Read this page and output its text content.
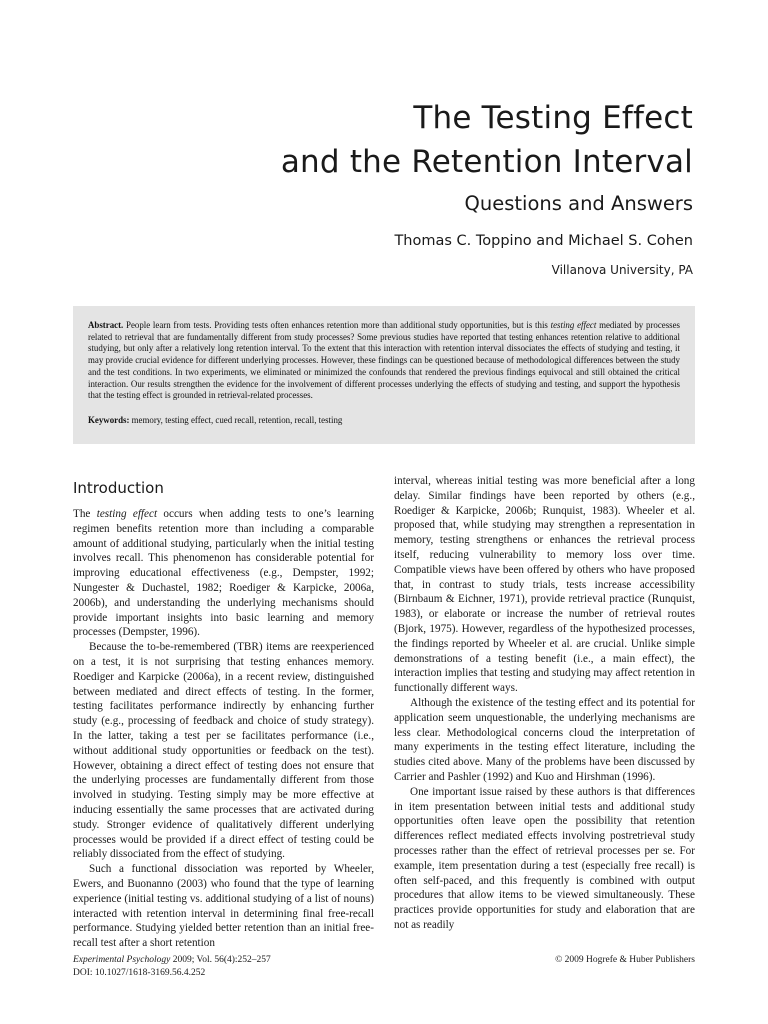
The Testing Effect
and the Retention Interval
Questions and Answers
Thomas C. Toppino and Michael S. Cohen
Villanova University, PA
Abstract. People learn from tests. Providing tests often enhances retention more than additional study opportunities, but is this testing effect mediated by processes related to retrieval that are fundamentally different from study processes? Some previous studies have reported that testing enhances retention relative to additional studying, but only after a relatively long retention interval. To the extent that this interaction with retention interval dissociates the effects of studying and testing, it may provide crucial evidence for different underlying processes. However, these findings can be questioned because of methodological differences between the study and the test conditions. In two experiments, we eliminated or minimized the confounds that rendered the previous findings equivocal and still obtained the critical interaction. Our results strengthen the evidence for the involvement of different processes underlying the effects of studying and testing, and support the hypothesis that the testing effect is grounded in retrieval-related processes.
Keywords: memory, testing effect, cued recall, retention, recall, testing
Introduction

The testing effect occurs when adding tests to one’s learning regimen benefits retention more than including a comparable amount of additional studying, particularly when the initial testing involves recall. This phenomenon has considerable potential for improving educational effectiveness (e.g., Dempster, 1992; Nungester & Duchastel, 1982; Roediger & Karpicke, 2006a, 2006b), and understanding the underlying mechanisms should provide important insights into basic learning and memory processes (Dempster, 1996).

Because the to-be-remembered (TBR) items are reexperienced on a test, it is not surprising that testing enhances memory. Roediger and Karpicke (2006a), in a recent review, distinguished between mediated and direct effects of testing. In the former, testing facilitates performance indirectly by enhancing further study (e.g., processing of feedback and choice of study strategy). In the latter, taking a test per se facilitates performance (i.e., without additional study opportunities or feedback on the test). However, obtaining a direct effect of testing does not ensure that the underlying processes are fundamentally different from those involved in studying. Testing simply may be more effective at inducing essentially the same processes that are activated during study. Stronger evidence of qualitatively different underlying processes would be provided if a direct effect of testing could be reliably dissociated from the effect of studying.

Such a functional dissociation was reported by Wheeler, Ewers, and Buonanno (2003) who found that the type of learning experience (initial testing vs. additional studying of a list of nouns) interacted with retention interval in determining final free-recall performance. Studying yielded better retention than an initial free-recall test after a short retention

interval, whereas initial testing was more beneficial after a long delay. Similar findings have been reported by others (e.g., Roediger & Karpicke, 2006b; Runquist, 1983). Wheeler et al. proposed that, while studying may strengthen a representation in memory, testing strengthens or enhances the retrieval process itself, reducing vulnerability to memory loss over time. Compatible views have been offered by others who have proposed that, in contrast to study trials, tests increase accessibility (Birnbaum & Eichner, 1971), provide retrieval practice (Runquist, 1983), or elaborate or increase the number of retrieval routes (Bjork, 1975). However, regardless of the hypothesized processes, the findings reported by Wheeler et al. are crucial. Unlike simple demonstrations of a testing benefit (i.e., a main effect), the interaction implies that testing and studying may affect retention in functionally different ways.

Although the existence of the testing effect and its potential for application seem unquestionable, the underlying mechanisms are less clear. Methodological concerns cloud the interpretation of many experiments in the testing effect literature, including the studies cited above. Many of the problems have been discussed by Carrier and Pashler (1992) and Kuo and Hirshman (1996).

One important issue raised by these authors is that differences in item presentation between initial tests and additional study opportunities often leave open the possibility that retention differences reflect mediated effects involving postretrieval study processes rather than the effect of retrieval processes per se. For example, item presentation during a test (especially free recall) is often self-paced, and this frequently is combined with output procedures that allow items to be viewed simultaneously. These practices provide opportunities for study and elaboration that are not as readily

Experimental Psychology 2009; Vol. 56(4):252–257
DOI: 10.1027/1618-3169.56.4.252
© 2009 Hogrefe & Huber Publishers
